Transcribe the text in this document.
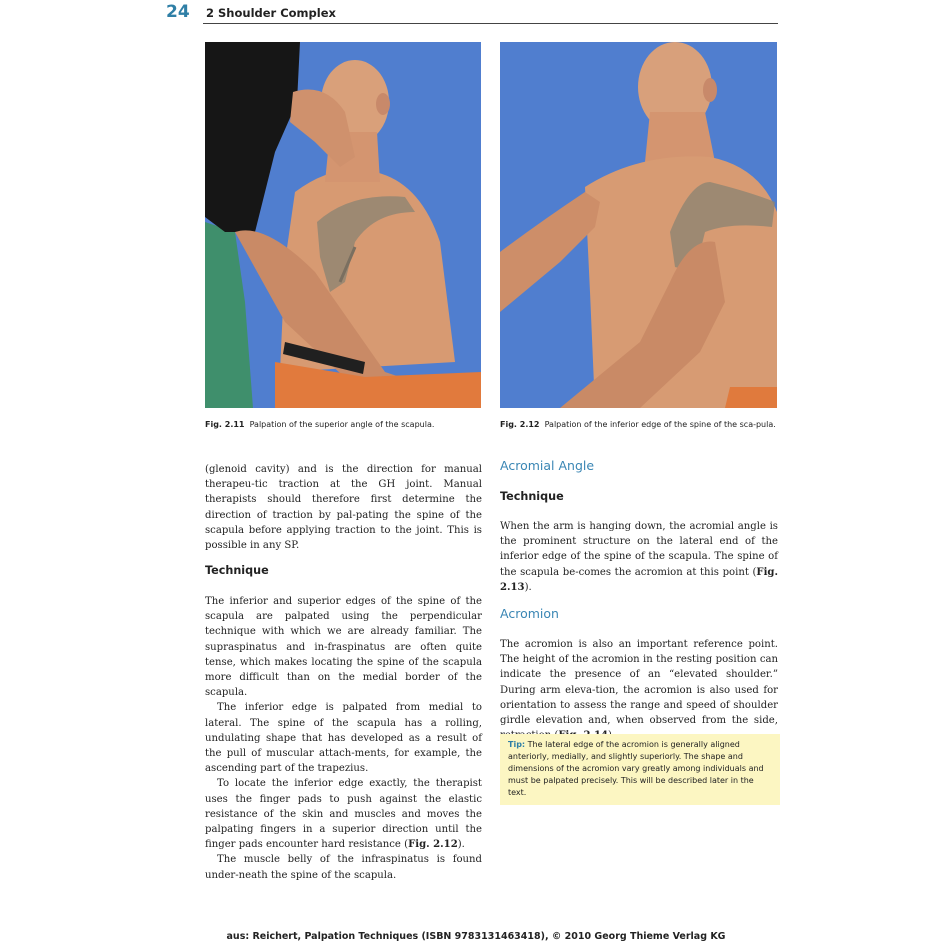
24 2 Shoulder Complex
Fig. 2.11 Palpation of the superior angle of the scapula.	Fig. 2.12 Palpation of the inferior edge of the spine of the sca-pula.

(glenoid cavity) and is the direction for manual therapeu-tic traction at the GH joint. Manual therapists should therefore first determine the direction of traction by pal-pating the spine of the scapula before applying traction to the joint. This is possible in any SP.

Technique

The inferior and superior edges of the spine of the scapula are palpated using the perpendicular technique with which we are already familiar. The supraspinatus and in-fraspinatus are often quite tense, which makes locating the spine of the scapula more difficult than on the medial border of the scapula.

The inferior edge is palpated from medial to lateral. The spine of the scapula has a rolling, undulating shape that has developed as a result of the pull of muscular attach-ments, for example, the ascending part of the trapezius.

To locate the inferior edge exactly, the therapist uses the finger pads to push against the elastic resistance of the skin and muscles and moves the palpating fingers in a superior direction until the finger pads encounter hard resistance (Fig. 2.12).

The muscle belly of the infraspinatus is found under-neath the spine of the scapula.

Acromial Angle
Technique

When the arm is hanging down, the acromial angle is the prominent structure on the lateral end of the inferior edge of the spine of the scapula. The spine of the scapula be-comes the acromion at this point (Fig. 2.13).

Acromion

The acromion is also an important reference point. The height of the acromion in the resting position can indicate the presence of an “elevated shoulder.” During arm eleva-tion, the acromion is also used for orientation to assess the range and speed of shoulder girdle elevation and, when observed from the side,

Tip: The lateral edge of the acromion is generally aligned anteriorly, medially, and slightly superiorly. The shape and dimensions of the acromion vary greatly among individuals and must be palpated precisely. This will be described later in the text.
aus: Reichert, Palpation Techniques (ISBN 9783131463418), © 2010 Georg Thieme Verlag KG
